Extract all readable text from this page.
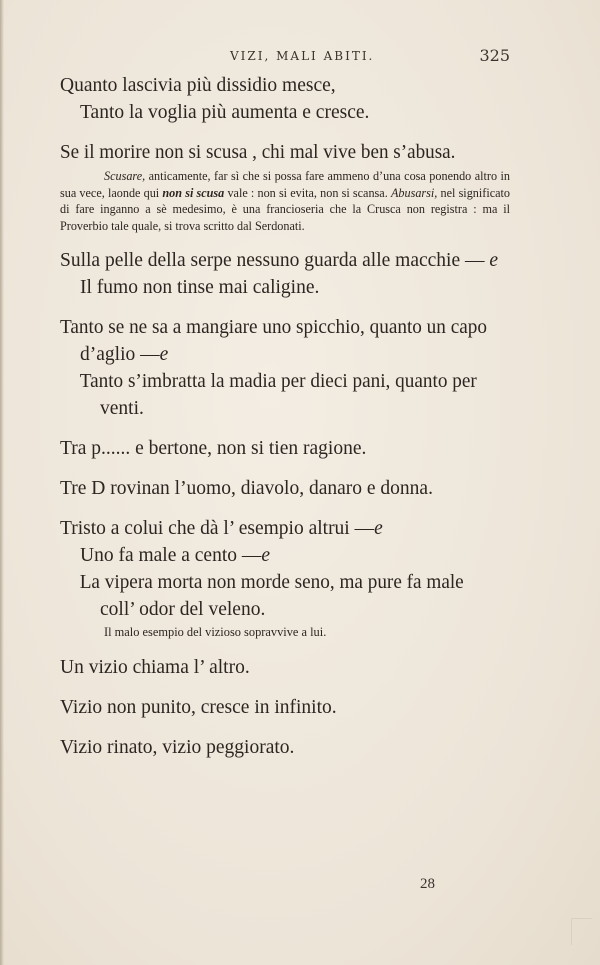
VIZI, MALI ABITI.	325

Quanto lascivia più dissidio mesce,

Tanto la voglia più aumenta e cresce.

Se il morire non si scusa , chi mal vive ben s’abusa.

Scusare, anticamente, far sì che si possa fare ammeno d’una cosa ponendo altro in sua vece, laonde qui non si scusa vale : non si evita, non si scansa. Abusarsi, nel significato di fare inganno a sè medesimo, è una francioseria che la Crusca non registra : ma il Proverbio tale quale, si trova scritto dal Serdonati.

Sulla pelle della serpe nessuno guarda alle macchie — e

Il fumo non tinse mai caligine.

Tanto se ne sa a mangiare uno spicchio, quanto un capo

d’aglio —e

Tanto s’imbratta la madia per dieci pani, quanto per

venti.

Tra p...... e bertone, non si tien ragione.

Tre D rovinan l’uomo, diavolo, danaro e donna.

Tristo a colui che dà l’ esempio altrui —e

Uno fa male a cento —e

La vipera morta non morde seno, ma pure fa male

coll’ odor del veleno.

Il malo esempio del vizioso sopravvive a lui.

Un vizio chiama l’ altro.

Vizio non punito, cresce in infinito.

Vizio rinato, vizio peggiorato.

28
